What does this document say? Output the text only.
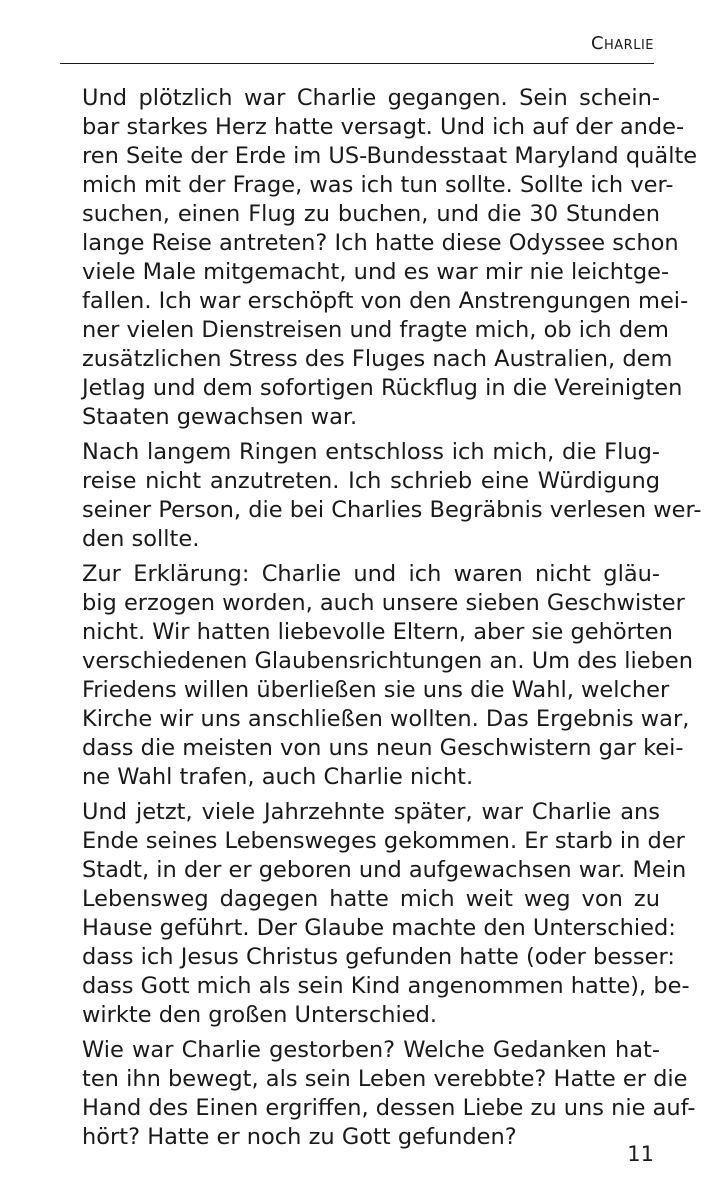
Charlie
Und plötzlich war Charlie gegangen. Sein schein-
bar starkes Herz hatte versagt. Und ich auf der ande-
ren Seite der Erde im US-Bundesstaat Maryland quälte
mich mit der Frage, was ich tun sollte. Sollte ich ver-
suchen, einen Flug zu buchen, und die 30 Stunden
lange Reise antreten? Ich hatte diese Odyssee schon
viele Male mitgemacht, und es war mir nie leichtge-
fallen. Ich war erschöpft von den Anstrengungen mei-
ner vielen Dienstreisen und fragte mich, ob ich dem
zusätzlichen Stress des Fluges nach Australien, dem
Jetlag und dem sofortigen Rückflug in die Vereinigten
Staaten gewachsen war.
Nach langem Ringen entschloss ich mich, die Flug-
reise nicht anzutreten. Ich schrieb eine Würdigung
seiner Person, die bei Charlies Begräbnis verlesen wer-
den sollte.
Zur Erklärung: Charlie und ich waren nicht gläu-
big erzogen worden, auch unsere sieben Geschwister
nicht. Wir hatten liebevolle Eltern, aber sie gehörten
verschiedenen Glaubensrichtungen an. Um des lieben
Friedens willen überließen sie uns die Wahl, welcher
Kirche wir uns anschließen wollten. Das Ergebnis war,
dass die meisten von uns neun Geschwistern gar kei-
ne Wahl trafen, auch Charlie nicht.
Und jetzt, viele Jahrzehnte später, war Charlie ans
Ende seines Lebensweges gekommen. Er starb in der
Stadt, in der er geboren und aufgewachsen war. Mein
Lebensweg dagegen hatte mich weit weg von zu
Hause geführt. Der Glaube machte den Unterschied:
dass ich Jesus Christus gefunden hatte (oder besser:
dass Gott mich als sein Kind angenommen hatte), be-
wirkte den großen Unterschied.
Wie war Charlie gestorben? Welche Gedanken hat-
ten ihn bewegt, als sein Leben verebbte? Hatte er die
Hand des Einen ergriffen, dessen Liebe zu uns nie auf-
hört? Hatte er noch zu Gott gefunden?
11
